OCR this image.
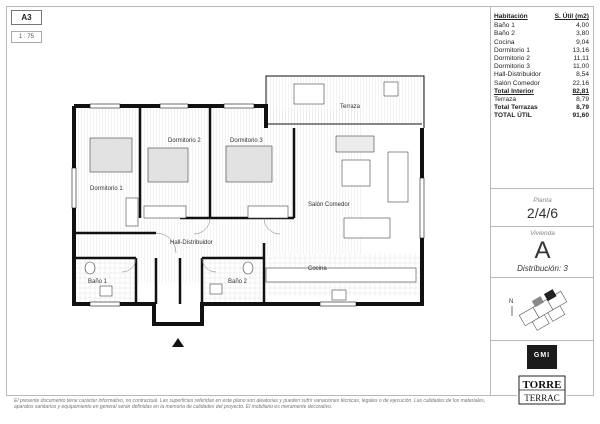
A3
1 : 75
Habitación	S. Útil (m2)
Baño 1	4,00
Baño 2	3,80
Cocina	9,04
Dormitorio 1	13,16
Dormitorio 2	11,11
Dormitorio 3	11,00
Hall-Distribuidor	8,54
Salón Comedor	22,16
Total Interior	82,81
Terraza	8,79
Total Terrazas	8,79
TOTAL ÚTIL	91,60
Planta
2/4/6
Vivienda
A
Distribución: 3
N
GMI
TORRE
TERRAC
Terraza
Dormitorio 2	Dormitorio 3
Dormitorio 1
Salón Comedor
Hall-Distribuidor
Cocina
Baño 1	Baño 2
El presente documento tiene carácter informativo, no contractual. Las superficies referidas en este plano son aleatorias y pueden sufrir variaciones técnicas, legales o de ejecución. Las calidades de los materiales, aparatos sanitarios y equipamiento en general serán definidas en la memoria de calidades del proyecto. El mobiliario es meramente decorativo.
